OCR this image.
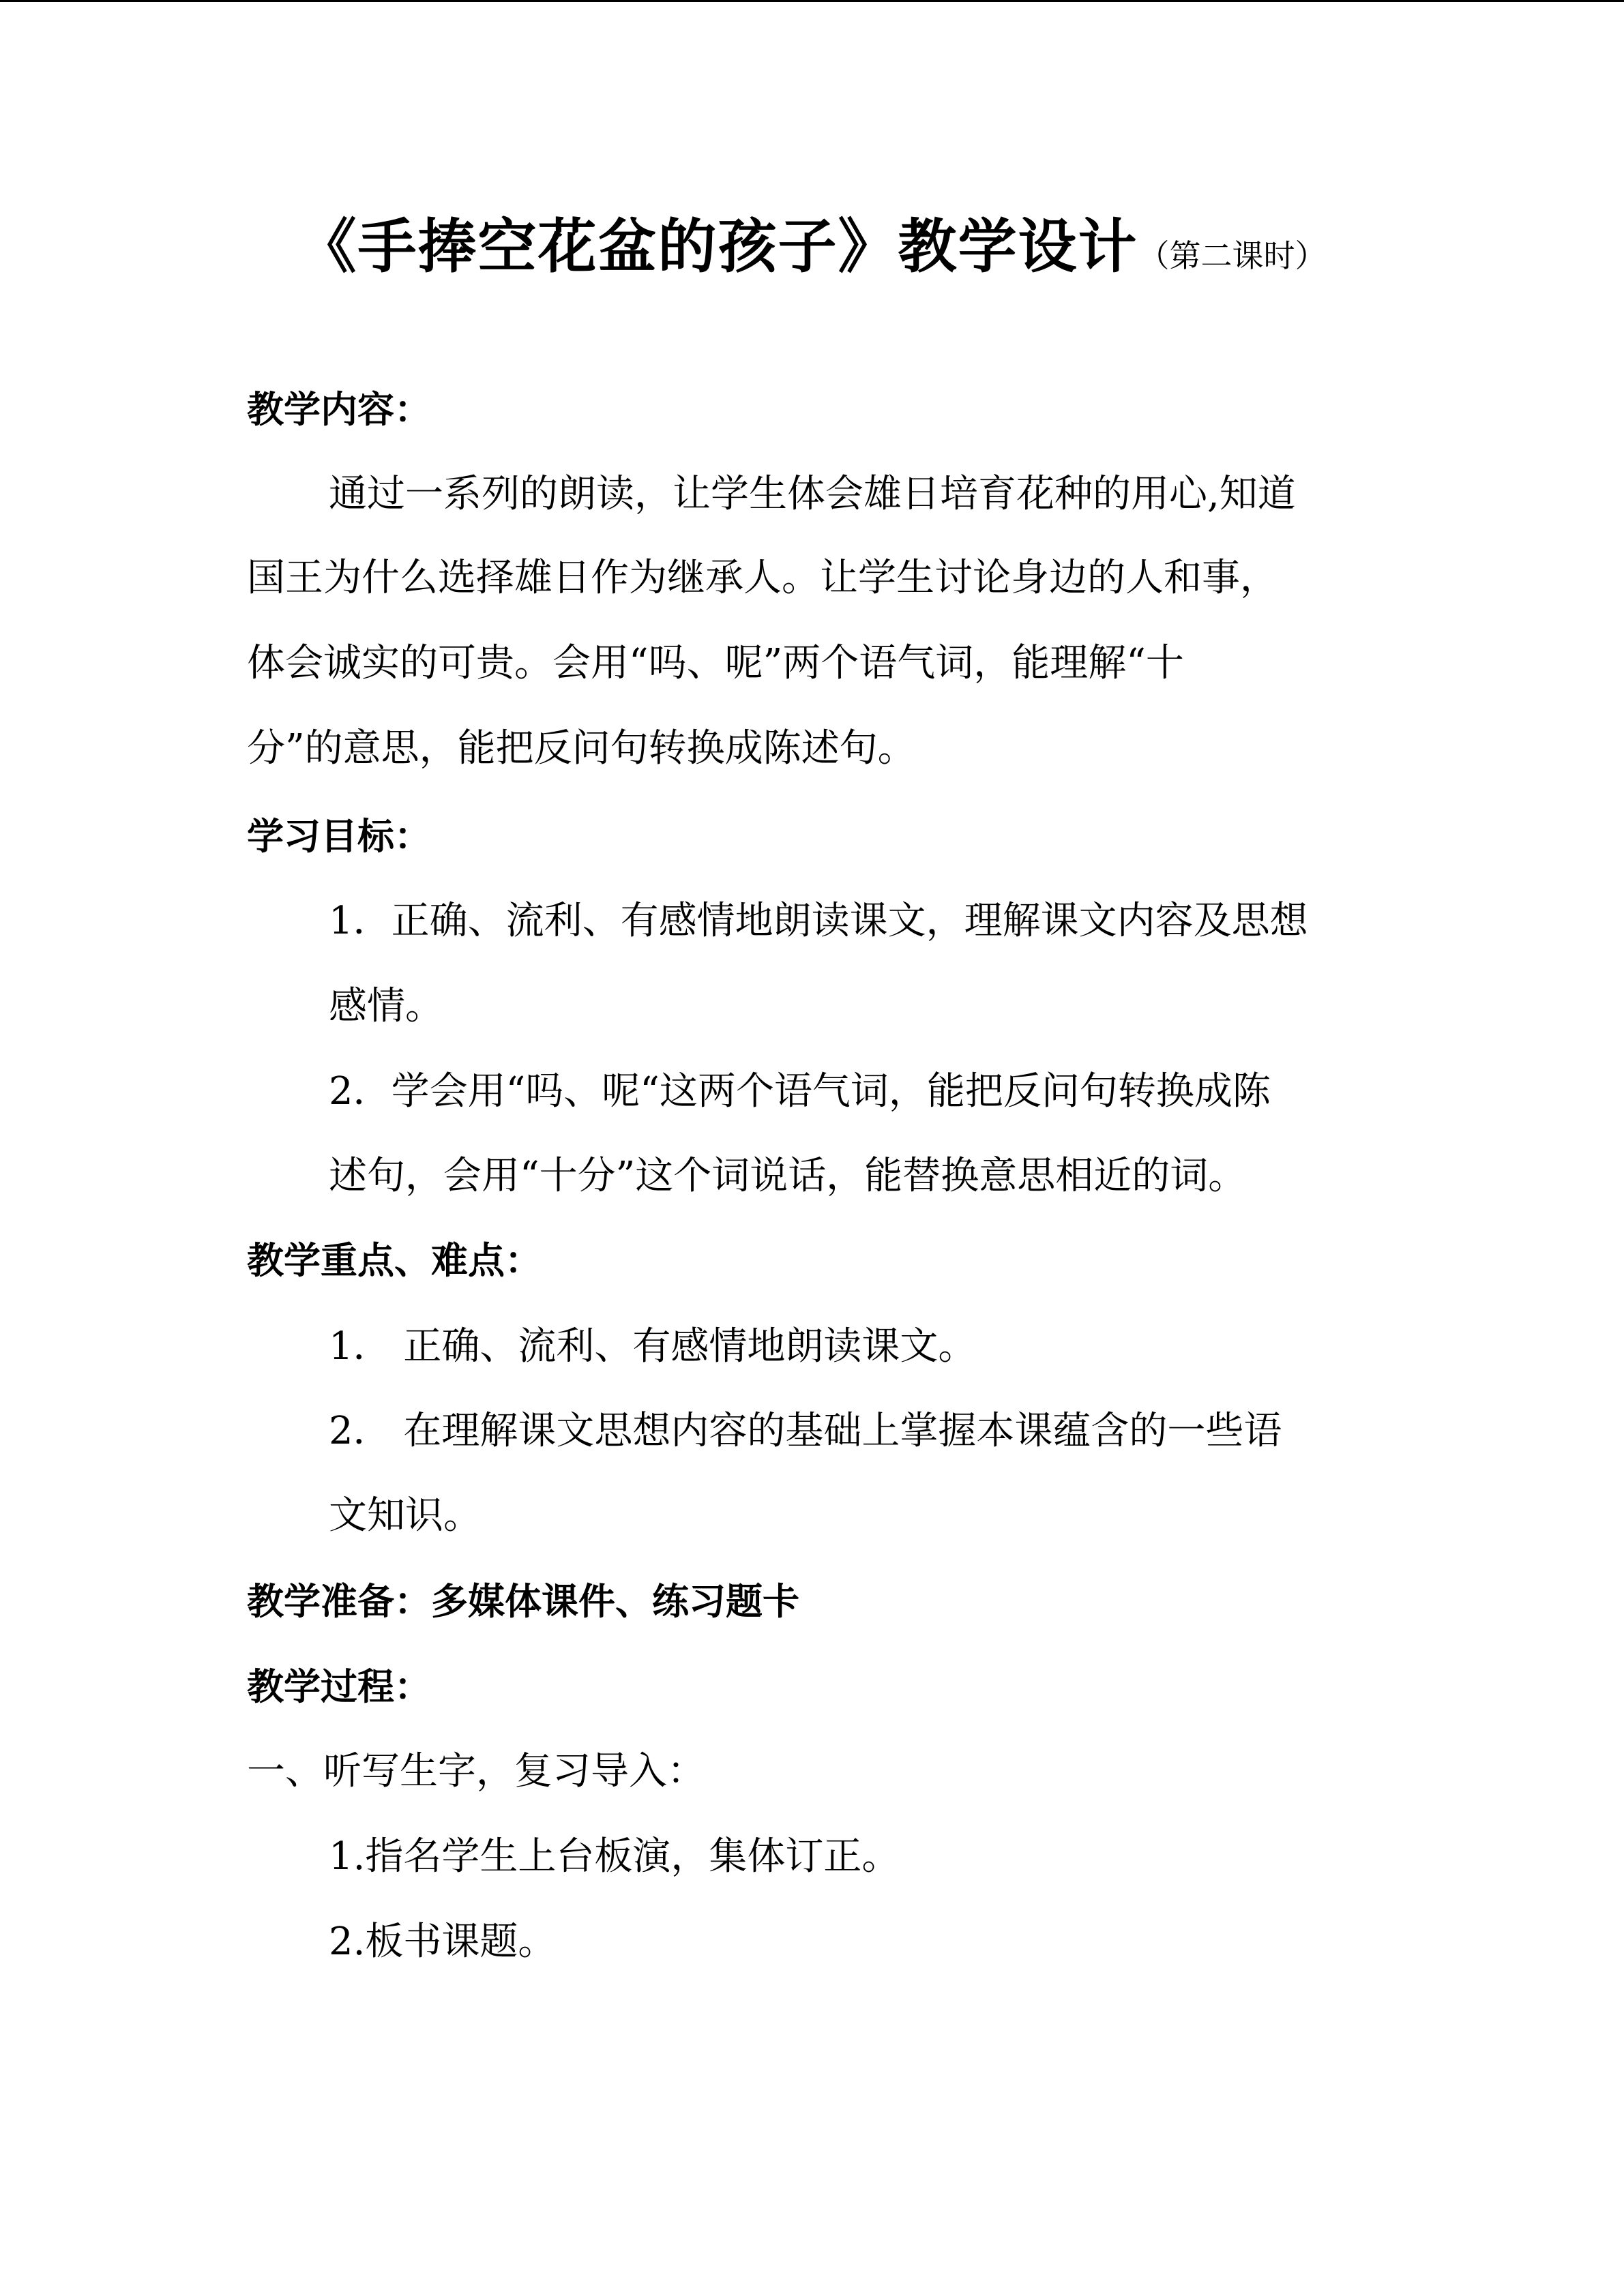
《手捧空花盆的孩子》教学设计（第二课时）
教学内容：
通过一系列的朗读，让学生体会雄日培育花种的用心,知道
国王为什么选择雄日作为继承人。让学生讨论身边的人和事，
体会诚实的可贵。会用“吗、呢”两个语气词，能理解“十
分”的意思，能把反问句转换成陈述句。
学习目标：
1．正确、流利、有感情地朗读课文，理解课文内容及思想
感情。
2．学会用“吗、呢“这两个语气词，能把反问句转换成陈
述句，会用“十分”这个词说话，能替换意思相近的词。
教学重点、难点：
1． 正确、流利、有感情地朗读课文。
2． 在理解课文思想内容的基础上掌握本课蕴含的一些语
文知识。
教学准备：多媒体课件、练习题卡
教学过程：
一、听写生字，复习导入：
1.指名学生上台板演，集体订正。
2.板书课题。
